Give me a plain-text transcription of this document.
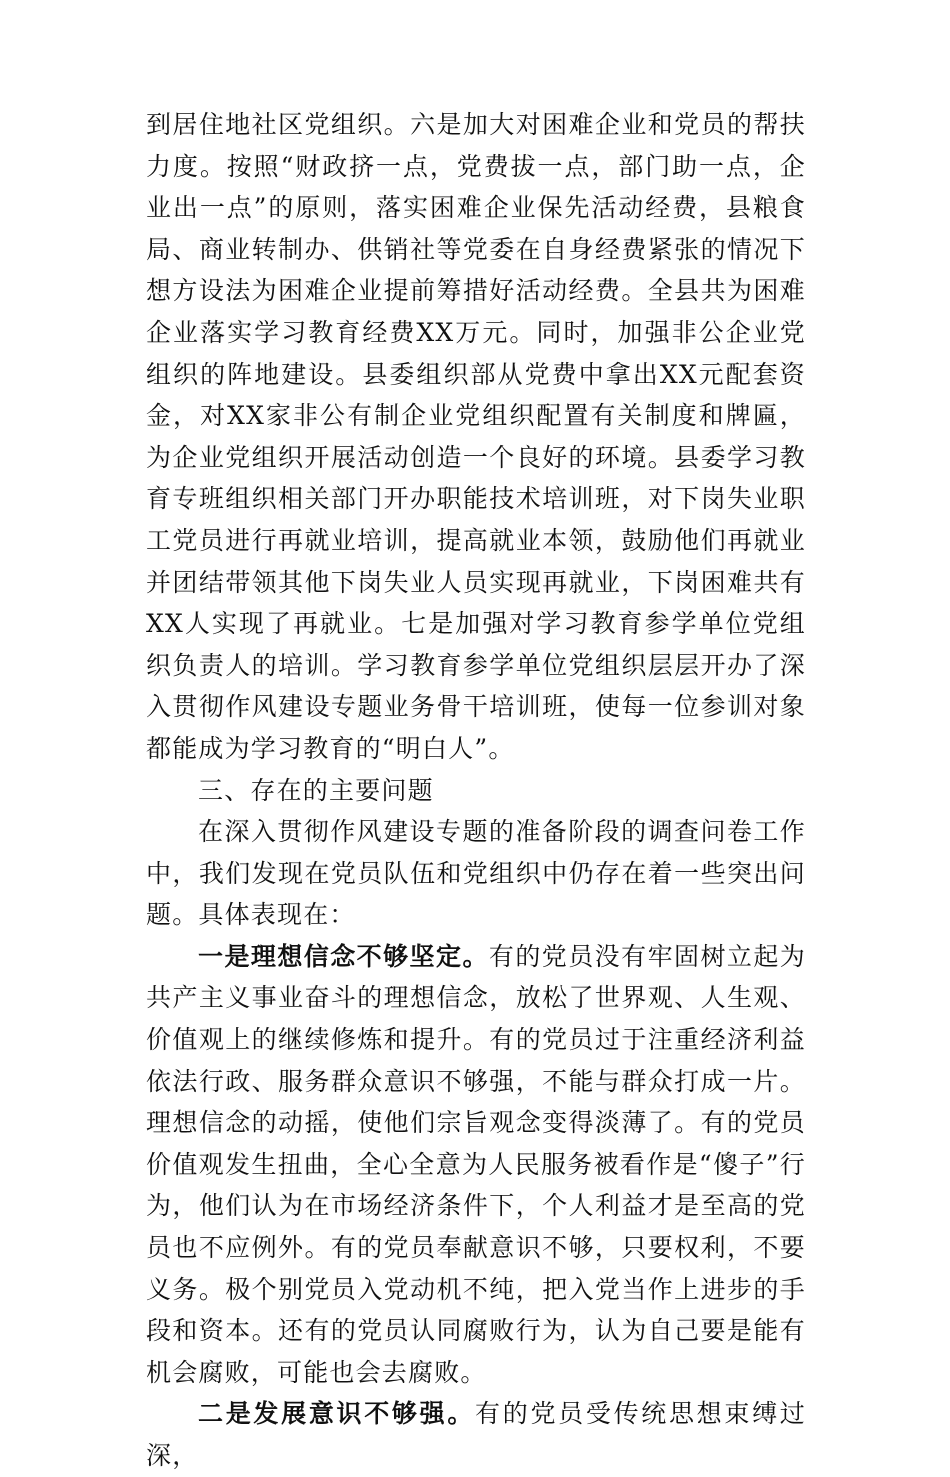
到居住地社区党组织。六是加大对困难企业和党员的帮扶力度。按照“财政挤一点，党费拔一点，部门助一点，企业出一点”的原则，落实困难企业保先活动经费，县粮食局、商业转制办、供销社等党委在自身经费紧张的情况下想方设法为困难企业提前筹措好活动经费。全县共为困难企业落实学习教育经费XX万元。同时，加强非公企业党组织的阵地建设。县委组织部从党费中拿出XX元配套资金，对XX家非公有制企业党组织配置有关制度和牌匾，为企业党组织开展活动创造一个良好的环境。县委学习教育专班组织相关部门开办职能技术培训班，对下岗失业职工党员进行再就业培训，提高就业本领，鼓励他们再就业并团结带领其他下岗失业人员实现再就业，下岗困难共有XX人实现了再就业。七是加强对学习教育参学单位党组织负责人的培训。学习教育参学单位党组织层层开办了深入贯彻作风建设专题业务骨干培训班，使每一位参训对象都能成为学习教育的“明白人”。

三、存在的主要问题

在深入贯彻作风建设专题的准备阶段的调查问卷工作中，我们发现在党员队伍和党组织中仍存在着一些突出问题。具体表现在：

一是理想信念不够坚定。有的党员没有牢固树立起为共产主义事业奋斗的理想信念，放松了世界观、人生观、价值观上的继续修炼和提升。有的党员过于注重经济利益依法行政、服务群众意识不够强，不能与群众打成一片。理想信念的动摇，使他们宗旨观念变得淡薄了。有的党员价值观发生扭曲，全心全意为人民服务被看作是“傻子”行为，他们认为在市场经济条件下，个人利益才是至高的党员也不应例外。有的党员奉献意识不够，只要权利，不要义务。极个别党员入党动机不纯，把入党当作上进步的手段和资本。还有的党员认同腐败行为，认为自己要是能有机会腐败，可能也会去腐败。

二是发展意识不够强。有的党员受传统思想束缚过深，
